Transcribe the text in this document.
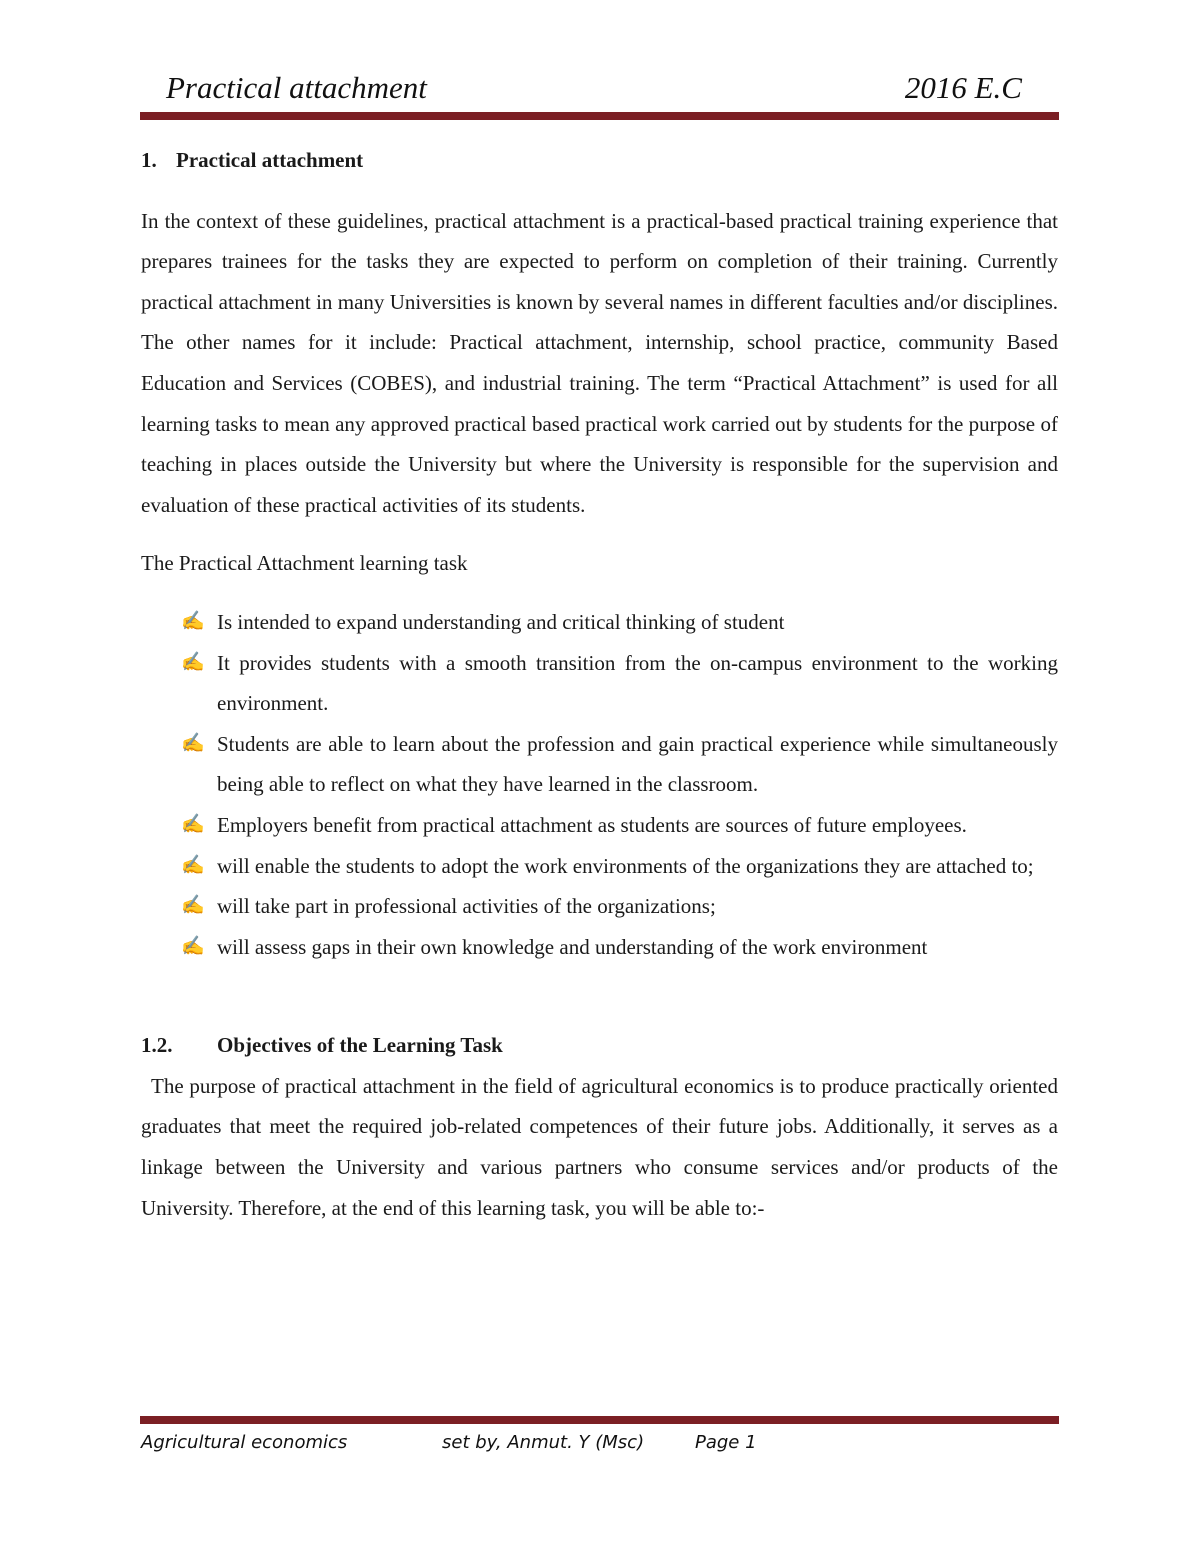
Practical attachment	2016 E.C
1. Practical attachment

In the context of these guidelines, practical attachment is a practical-based practical training experience that prepares trainees for the tasks they are expected to perform on completion of their training. Currently practical attachment in many Universities is known by several names in different faculties and/or disciplines. The other names for it include: Practical attachment, internship, school practice, community Based Education and Services (COBES), and industrial training. The term “Practical Attachment” is used for all learning tasks to mean any approved practical based practical work carried out by students for the purpose of teaching in places outside the University but where the University is responsible for the supervision and evaluation of these practical activities of its students.

The Practical Attachment learning task

✍ Is intended to expand understanding and critical thinking of student
✍ It provides students with a smooth transition from the on-campus environment to the working environment.
✍ Students are able to learn about the profession and gain practical experience while simultaneously being able to reflect on what they have learned in the classroom.
✍ Employers benefit from practical attachment as students are sources of future employees.
✍ will enable the students to adopt the work environments of the organizations they are attached to;
✍ will take part in professional activities of the organizations;
✍ will assess gaps in their own knowledge and understanding of the work environment
1.2. Objectives of the Learning Task

The purpose of practical attachment in the field of agricultural economics is to produce practically oriented graduates that meet the required job-related competences of their future jobs. Additionally, it serves as a linkage between the University and various partners who consume services and/or products of the University. Therefore, at the end of this learning task, you will be able to:-

Agricultural economics	set by, Anmut. Y (Msc)	Page 1
